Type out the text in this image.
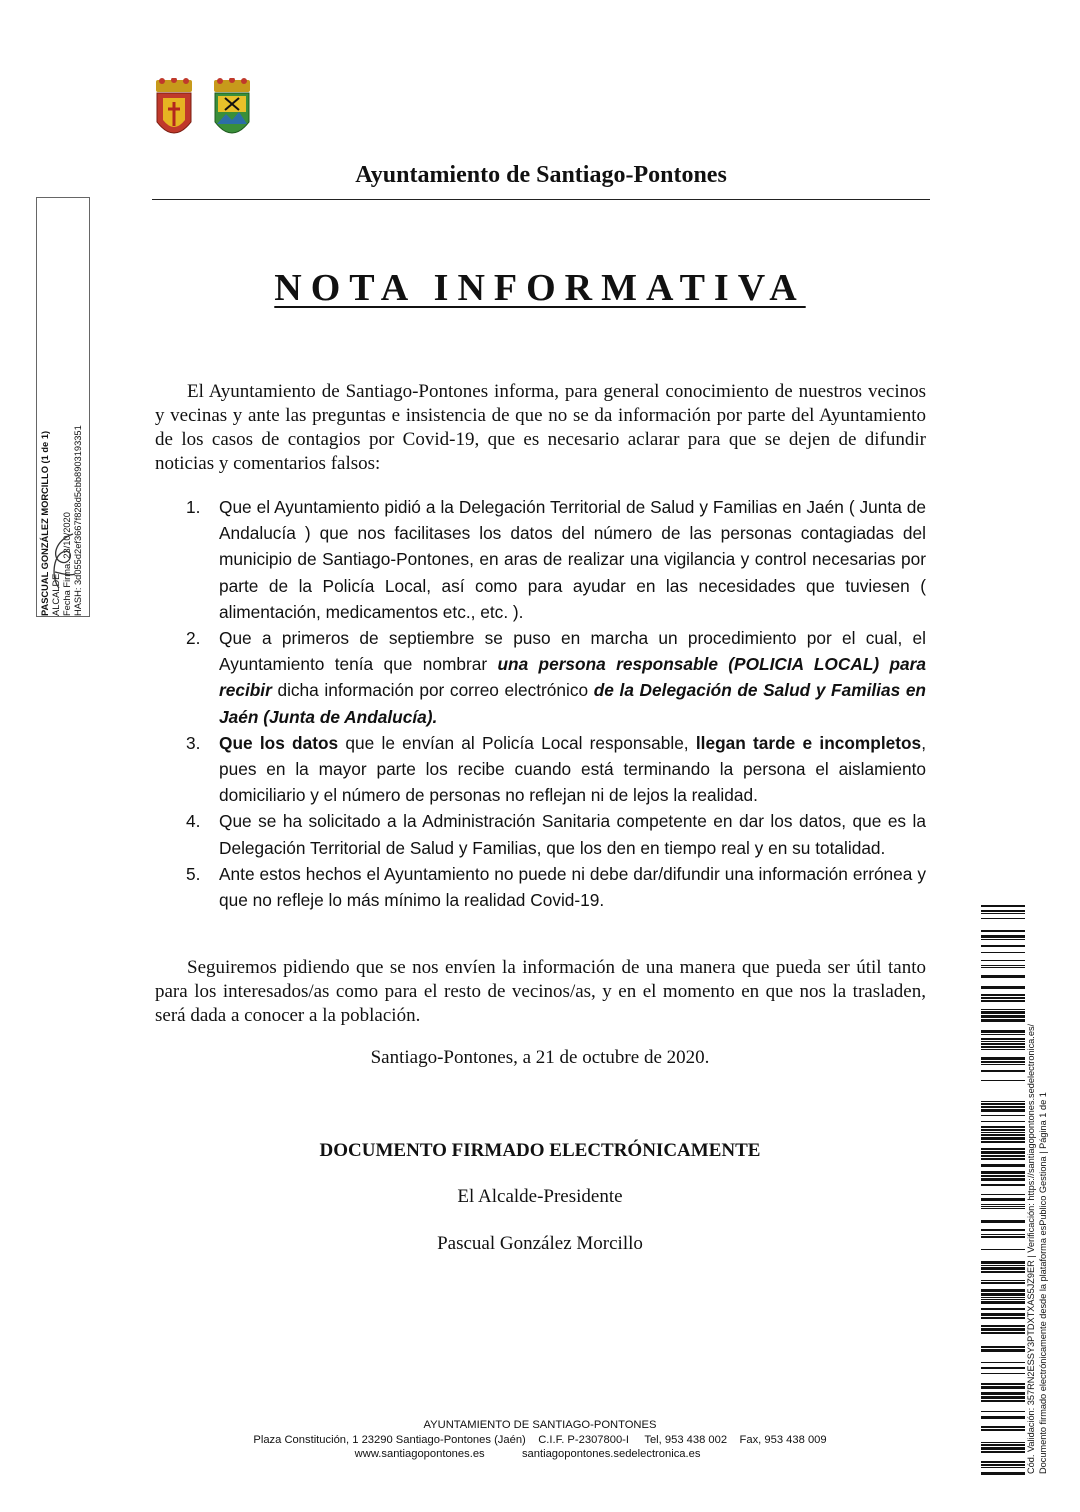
Ayuntamiento de Santiago-Pontones
NOTA INFORMATIVA

El Ayuntamiento de Santiago-Pontones informa, para general conocimiento de nuestros vecinos y vecinas y ante las preguntas e insistencia de que no se da información por parte del Ayuntamiento de los casos de contagios por Covid-19, que es necesario aclarar para que se dejen de difundir noticias y comentarios falsos:

1. Que el Ayuntamiento pidió a la Delegación Territorial de Salud y Familias en Jaén ( Junta de Andalucía ) que nos facilitases los datos del número de las personas contagiadas del municipio de Santiago-Pontones, en aras de realizar una vigilancia y control necesarias por parte de la Policía Local, así como para ayudar en las necesidades que tuviesen ( alimentación, medicamentos etc., etc. ).
2. Que a primeros de septiembre se puso en marcha un procedimiento por el cual, el Ayuntamiento tenía que nombrar una persona responsable (POLICIA LOCAL) para recibir dicha información por correo electrónico de la Delegación de Salud y Familias en Jaén (Junta de Andalucía).
3. Que los datos que le envían al Policía Local responsable, llegan tarde e incompletos, pues en la mayor parte los recibe cuando está terminando la persona el aislamiento domiciliario y el número de personas no reflejan ni de lejos la realidad.
4. Que se ha solicitado a la Administración Sanitaria competente en dar los datos, que es la Delegación Territorial de Salud y Familias, que los den en tiempo real y en su totalidad.
5. Ante estos hechos el Ayuntamiento no puede ni debe dar/difundir una información errónea y que no refleje lo más mínimo la realidad Covid-19.

Seguiremos pidiendo que se nos envíen la información de una manera que pueda ser útil tanto para los interesados/as como para el resto de vecinos/as, y en el momento en que nos la trasladen, será dada a conocer a la población.

Santiago-Pontones, a 21 de octubre de 2020.
DOCUMENTO FIRMADO ELECTRÓNICAMENTE
El Alcalde-Presidente
Pascual González Morcillo
AYUNTAMIENTO DE SANTIAGO-PONTONES
Plaza Constitución, 1 23290 Santiago-Pontones (Jaén) C.I.F. P-2307800-I Tel, 953 438 002 Fax, 953 438 009
www.santiagopontones.es	santiagopontones.sedelectronica.es
PASCUAL GONZÁLEZ MORCILLO (1 de 1) ALCALDE Fecha Firma: 23/10/2020 HASH: 3d055d2ef3667f828d5cbb8903193351
Cód. Validación: 357RN2ESSY3PTDXTXAS5JZ9ER | Verificación: https://santiagopontones.sedelectronica.es/ Documento firmado electrónicamente desde la plataforma esPublico Gestiona | Página 1 de 1
